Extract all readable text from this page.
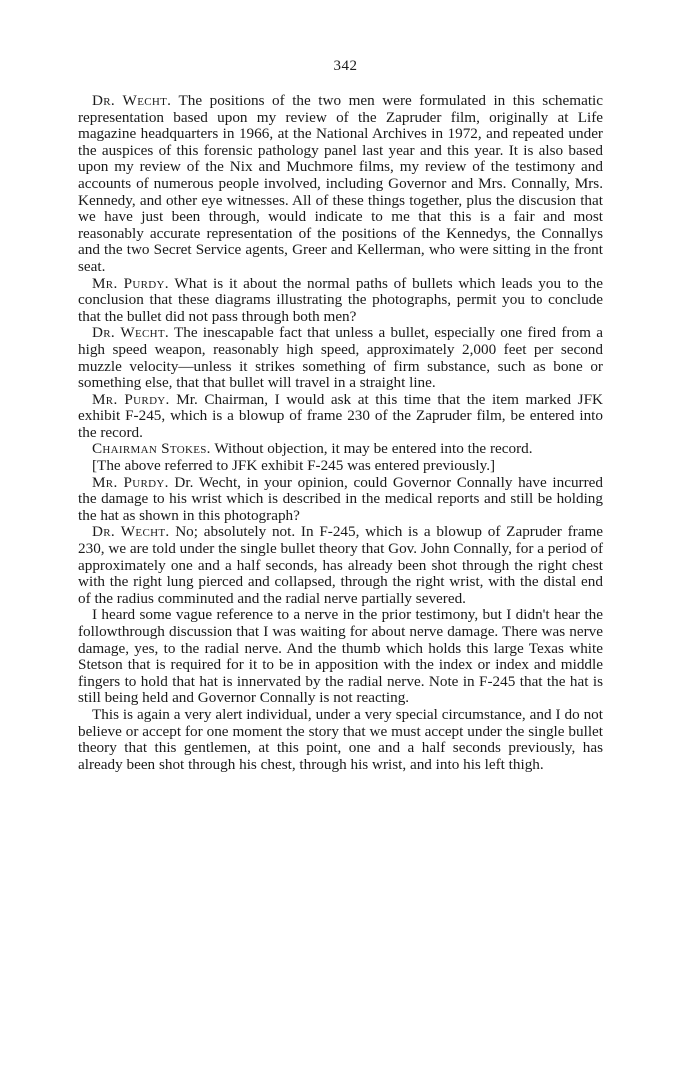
342

Dr. Wecht. The positions of the two men were formulated in this schematic representation based upon my review of the Zapruder film, originally at Life magazine headquarters in 1966, at the National Archives in 1972, and repeated under the auspices of this forensic pathology panel last year and this year. It is also based upon my review of the Nix and Muchmore films, my review of the testimony and accounts of numerous people involved, including Governor and Mrs. Connally, Mrs. Kennedy, and other eye witnesses. All of these things together, plus the discusion that we have just been through, would indicate to me that this is a fair and most reasonably accurate representation of the positions of the Kennedys, the Connallys and the two Secret Service agents, Greer and Kellerman, who were sitting in the front seat.

Mr. Purdy. What is it about the normal paths of bullets which leads you to the conclusion that these diagrams illustrating the photographs, permit you to conclude that the bullet did not pass through both men?

Dr. Wecht. The inescapable fact that unless a bullet, especially one fired from a high speed weapon, reasonably high speed, approximately 2,000 feet per second muzzle velocity—unless it strikes something of firm substance, such as bone or something else, that that bullet will travel in a straight line.

Mr. Purdy. Mr. Chairman, I would ask at this time that the item marked JFK exhibit F-245, which is a blowup of frame 230 of the Zapruder film, be entered into the record.

Chairman Stokes. Without objection, it may be entered into the record.

[The above referred to JFK exhibit F-245 was entered previously.]

Mr. Purdy. Dr. Wecht, in your opinion, could Governor Connally have incurred the damage to his wrist which is described in the medical reports and still be holding the hat as shown in this photograph?

Dr. Wecht. No; absolutely not. In F-245, which is a blowup of Zapruder frame 230, we are told under the single bullet theory that Gov. John Connally, for a period of approximately one and a half seconds, has already been shot through the right chest with the right lung pierced and collapsed, through the right wrist, with the distal end of the radius comminuted and the radial nerve partially severed.

I heard some vague reference to a nerve in the prior testimony, but I didn't hear the followthrough discussion that I was waiting for about nerve damage. There was nerve damage, yes, to the radial nerve. And the thumb which holds this large Texas white Stetson that is required for it to be in apposition with the index or index and middle fingers to hold that hat is innervated by the radial nerve. Note in F-245 that the hat is still being held and Governor Connally is not reacting.

This is again a very alert individual, under a very special circumstance, and I do not believe or accept for one moment the story that we must accept under the single bullet theory that this gentlemen, at this point, one and a half seconds previously, has already been shot through his chest, through his wrist, and into his left thigh.
